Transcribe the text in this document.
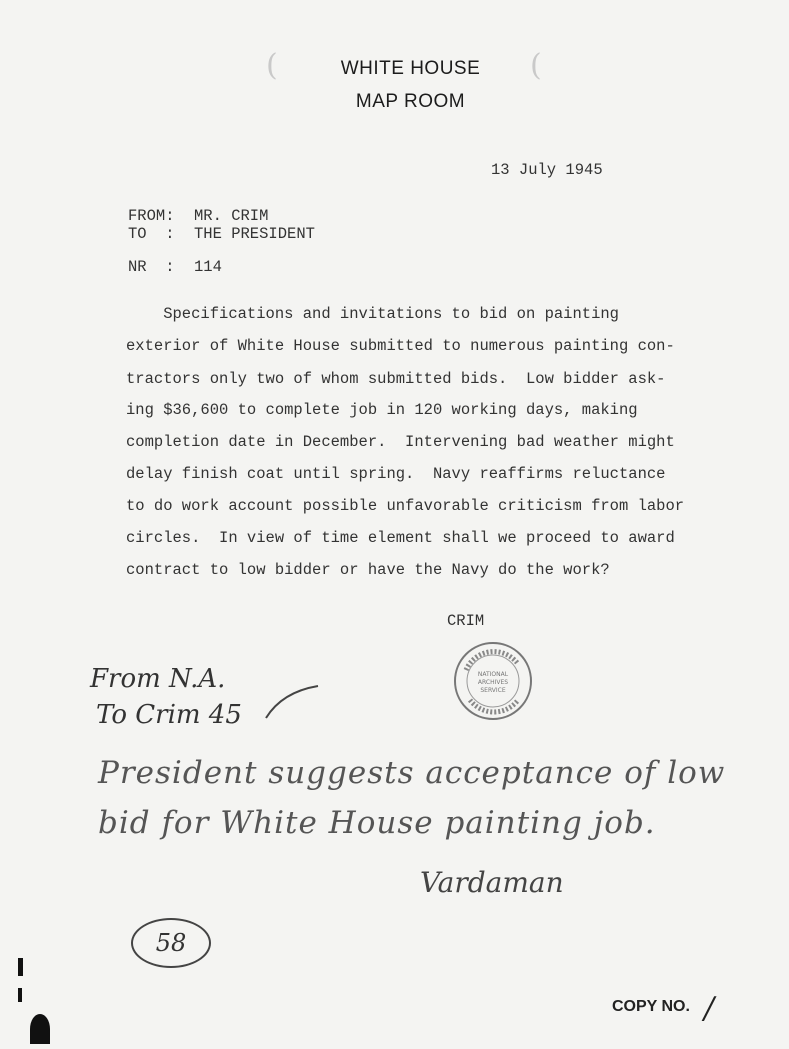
(	(
WHITE HOUSE
MAP ROOM
13 July 1945
FROM: MR. CRIM
TO  : THE PRESIDENT
NR  : 114
Specifications and invitations to bid on painting
exterior of White House submitted to numerous painting con-
tractors only two of whom submitted bids.  Low bidder ask-
ing $36,600 to complete job in 120 working days, making
completion date in December.  Intervening bad weather might
delay finish coat until spring.  Navy reaffirms reluctance
to do work account possible unfavorable criticism from labor
circles.  In view of time element shall we proceed to award
contract to low bidder or have the Navy do the work?
CRIM
NATIONAL
ARCHIVES
SERVICE
From N.A.
To Crim 45
President suggests acceptance of low
bid for White House painting job.
Vardaman
58
COPY NO. /
